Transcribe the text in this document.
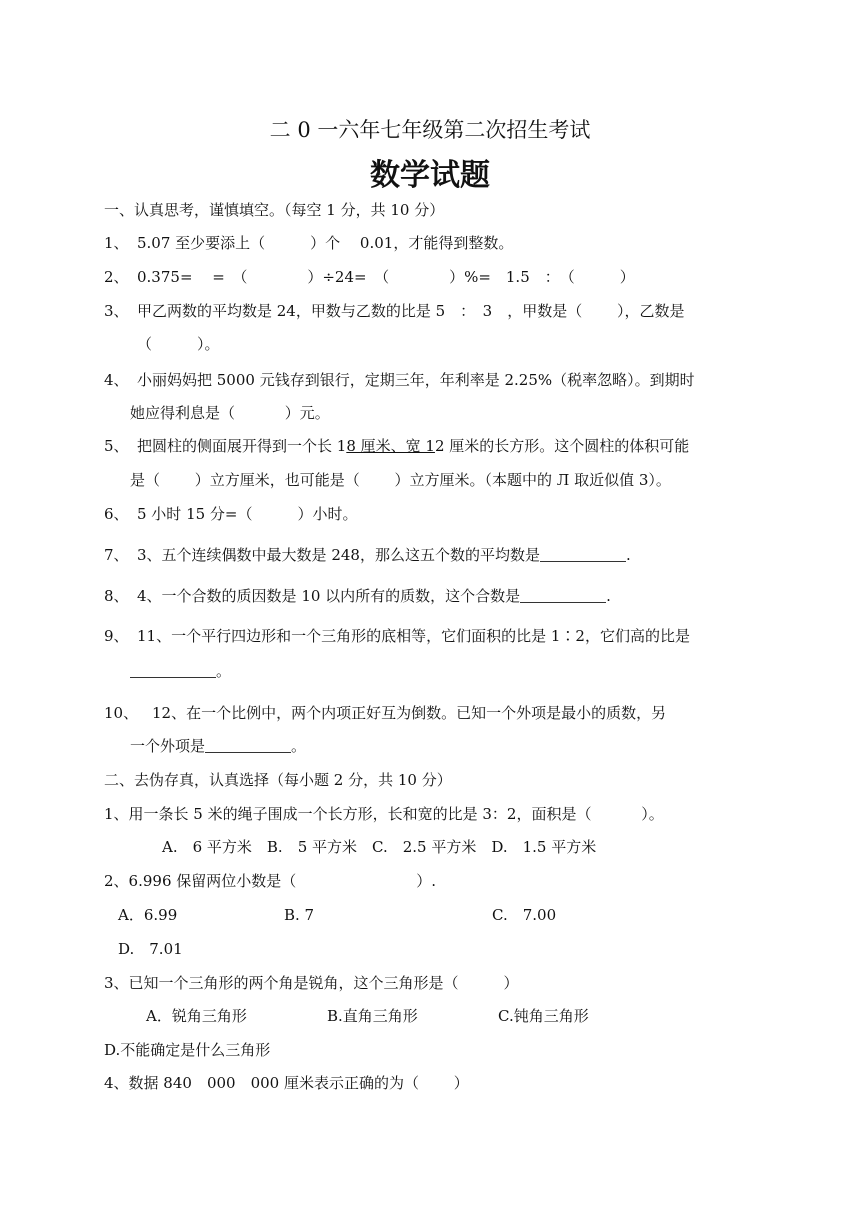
二 0 一六年七年级第二次招生考试
数学试题
一、认真思考，谨慎填空。（每空 1 分，共 10 分）
1、 5.07 至少要添上（　　　）个　 0.01，才能得到整数。
2、 0.375=　 =　（　　　　）÷24=　（　　　　）%=　1.5　：　（　　　）
3、 甲乙两数的平均数是 24，甲数与乙数的比是 5　：　3　，甲数是（　　 ），乙数是
（　　　）。
4、 小丽妈妈把 5000 元钱存到银行，定期三年，年利率是 2.25%（税率忽略）。到期时
她应得利息是（　　　 ）元。
5、 把圆柱的侧面展开得到一个长 18 厘米、宽 12 厘米的长方形。这个圆柱的体积可能
是（　　 ）立方厘米，也可能是（　　 ）立方厘米。（本题中的 Л 取近似值 3）。
6、 5 小时 15 分=（　　　）小时。
7、 3、五个连续偶数中最大数是 248，那么这五个数的平均数是	.
8、 4、一个合数的质因数是 10 以内所有的质数，这个合数是	.
9、 11、一个平行四边形和一个三角形的底相等，它们面积的比是 1∶2，它们高的比是
。
10、 12、在一个比例中，两个内项正好互为倒数。已知一个外项是最小的质数，另
一个外项是	。
二、去伪存真，认真选择（每小题 2 分，共 10 分）
1、用一条长 5 米的绳子围成一个长方形，长和宽的比是 3：2，面积是（　　　 ）。
A.　6 平方米　B.　5 平方米　C.　2.5 平方米　D.　1.5 平方米
2、6.996 保留两位小数是（　　　　　　　　）.
A．6.99	B. 7	C.　7.00
D.　7.01
3、已知一个三角形的两个角是锐角，这个三角形是（　　　）
A．锐角三角形	B.直角三角形	C.钝角三角形
D.不能确定是什么三角形
4、数据 840　000　000 厘米表示正确的为（　　 ）
